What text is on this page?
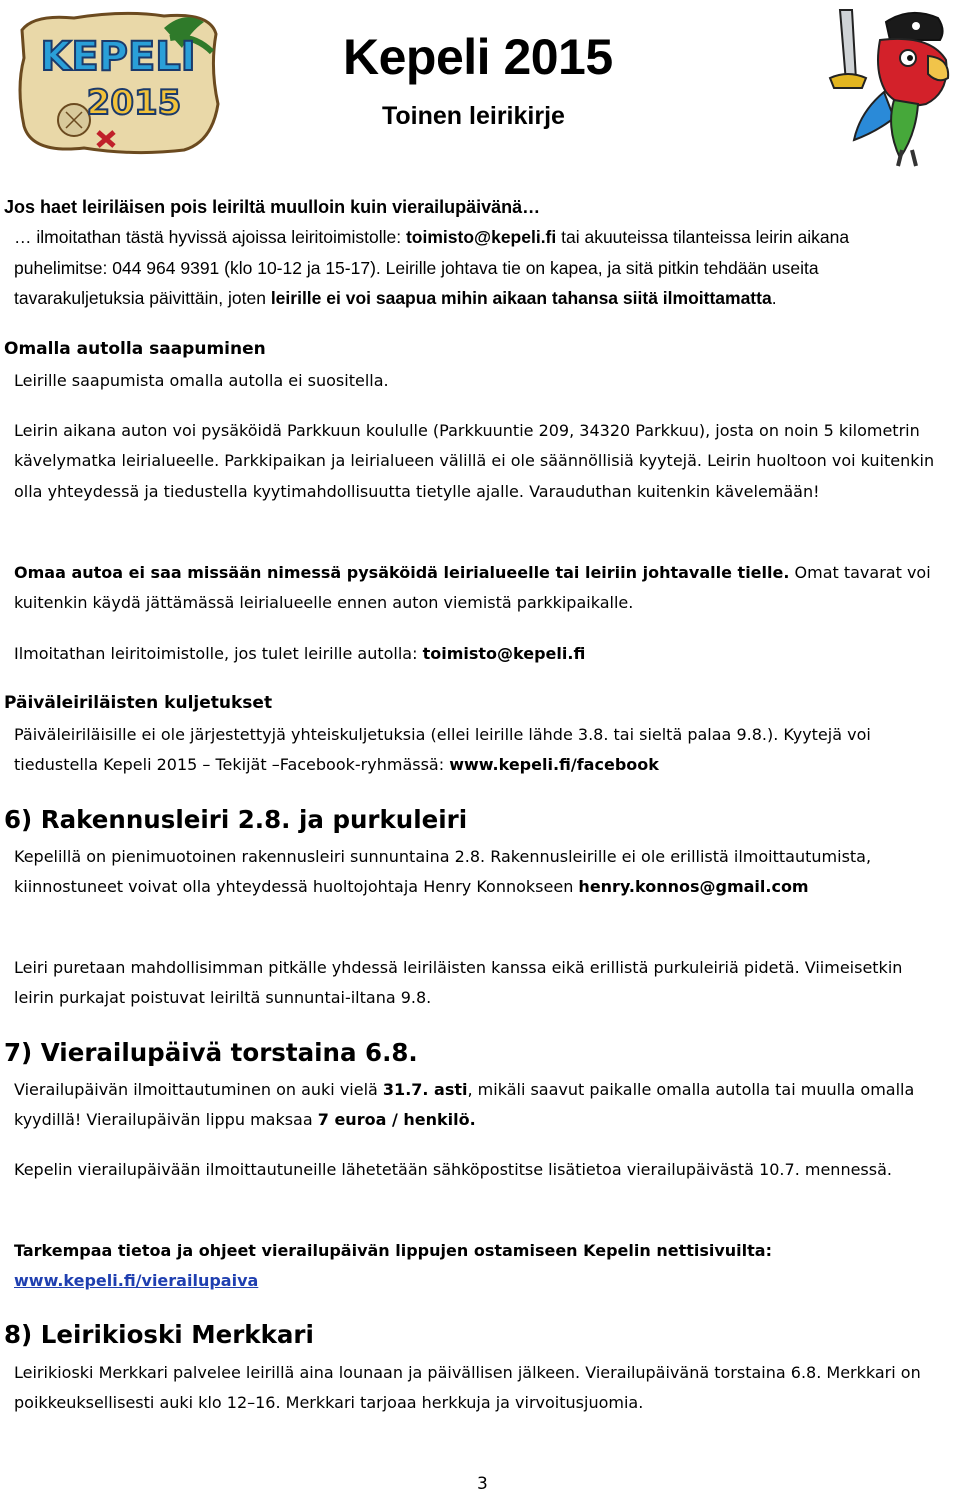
KEPELI
2015
Kepeli 2015
Toinen leirikirje
Jos haet leiriläisen pois leiriltä muulloin kuin vierailupäivänä…
… ilmoitathan tästä hyvissä ajoissa leiritoimistolle: toimisto@kepeli.fi tai akuuteissa tilanteissa leirin aikana puhelimitse: 044 964 9391 (klo 10-12 ja 15-17). Leirille johtava tie on kapea, ja sitä pitkin tehdään useita tavarakuljetuksia päivittäin, joten leirille ei voi saapua mihin aikaan tahansa siitä ilmoittamatta.
Omalla autolla saapuminen
Leirille saapumista omalla autolla ei suositella.
Leirin aikana auton voi pysäköidä Parkkuun koululle (Parkkuuntie 209, 34320 Parkkuu), josta on noin 5 kilometrin kävelymatka leirialueelle. Parkkipaikan ja leirialueen välillä ei ole säännöllisiä kyytejä. Leirin huoltoon voi kuitenkin olla yhteydessä ja tiedustella kyytimahdollisuutta tietylle ajalle. Varauduthan kuitenkin kävelemään!
Omaa autoa ei saa missään nimessä pysäköidä leirialueelle tai leiriin johtavalle tielle. Omat tavarat voi kuitenkin käydä jättämässä leirialueelle ennen auton viemistä parkkipaikalle.
Ilmoitathan leiritoimistolle, jos tulet leirille autolla: toimisto@kepeli.fi
Päiväleiriläisten kuljetukset
Päiväleiriläisille ei ole järjestettyjä yhteiskuljetuksia (ellei leirille lähde 3.8. tai sieltä palaa 9.8.). Kyytejä voi tiedustella Kepeli 2015 – Tekijät –Facebook-ryhmässä: www.kepeli.fi/facebook
6) Rakennusleiri 2.8. ja purkuleiri
Kepelillä on pienimuotoinen rakennusleiri sunnuntaina 2.8. Rakennusleirille ei ole erillistä ilmoittautumista, kiinnostuneet voivat olla yhteydessä huoltojohtaja Henry Konnokseen henry.konnos@gmail.com
Leiri puretaan mahdollisimman pitkälle yhdessä leiriläisten kanssa eikä erillistä purkuleiriä pidetä. Viimeisetkin leirin purkajat poistuvat leiriltä sunnuntai-iltana 9.8.
7) Vierailupäivä torstaina 6.8.
Vierailupäivän ilmoittautuminen on auki vielä 31.7. asti, mikäli saavut paikalle omalla autolla tai muulla omalla kyydillä! Vierailupäivän lippu maksaa 7 euroa / henkilö.
Kepelin vierailupäivään ilmoittautuneille lähetetään sähköpostitse lisätietoa vierailupäivästä 10.7. mennessä.
Tarkempaa tietoa ja ohjeet vierailupäivän lippujen ostamiseen Kepelin nettisivuilta:
www.kepeli.fi/vierailupaiva
8) Leirikioski Merkkari
Leirikioski Merkkari palvelee leirillä aina lounaan ja päivällisen jälkeen. Vierailupäivänä torstaina 6.8. Merkkari on poikkeuksellisesti auki klo 12–16. Merkkari tarjoaa herkkuja ja virvoitusjuomia.
3
